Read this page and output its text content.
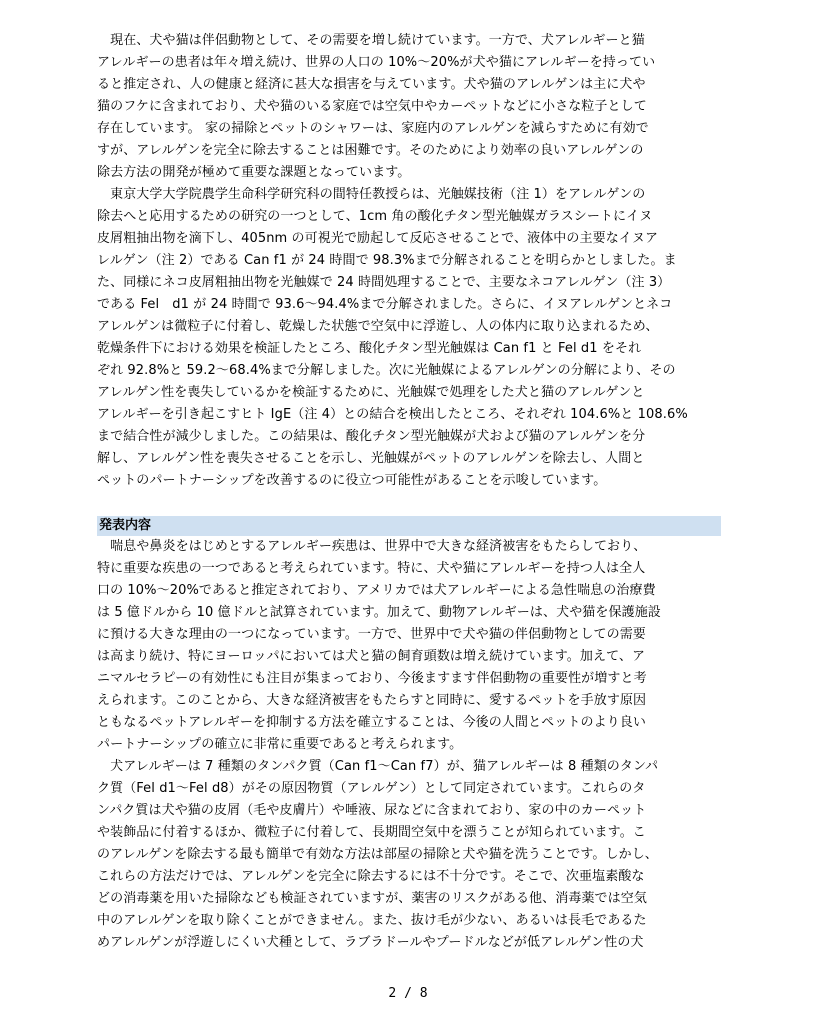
　現在、犬や猫は伴侶動物として、その需要を増し続けています。一方で、犬アレルギーと猫
アレルギーの患者は年々増え続け、世界の人口の 10%～20%が犬や猫にアレルギーを持ってい
ると推定され、人の健康と経済に甚大な損害を与えています。犬や猫のアレルゲンは主に犬や
猫のフケに含まれており、犬や猫のいる家庭では空気中やカーペットなどに小さな粒子として
存在しています。 家の掃除とペットのシャワーは、家庭内のアレルゲンを減らすために有効で
すが、アレルゲンを完全に除去することは困難です。そのためにより効率の良いアレルゲンの
除去方法の開発が極めて重要な課題となっています。
　東京大学大学院農学生命科学研究科の間特任教授らは、光触媒技術（注 1）をアレルゲンの
除去へと応用するための研究の一つとして、1cm 角の酸化チタン型光触媒ガラスシートにイヌ
皮屑粗抽出物を滴下し、405nm の可視光で励起して反応させることで、液体中の主要なイヌア
レルゲン（注 2）である Can f1 が 24 時間で 98.3%まで分解されることを明らかとしました。ま
た、同様にネコ皮屑粗抽出物を光触媒で 24 時間処理することで、主要なネコアレルゲン（注 3）
である Fel　d1 が 24 時間で 93.6～94.4%まで分解されました。さらに、イヌアレルゲンとネコ
アレルゲンは微粒子に付着し、乾燥した状態で空気中に浮遊し、人の体内に取り込まれるため、
乾燥条件下における効果を検証したところ、酸化チタン型光触媒は Can f1 と Fel d1 をそれ
ぞれ 92.8%と 59.2～68.4%まで分解しました。次に光触媒によるアレルゲンの分解により、その
アレルゲン性を喪失しているかを検証するために、光触媒で処理をした犬と猫のアレルゲンと
アレルギーを引き起こすヒト IgE（注 4）との結合を検出したところ、それぞれ 104.6%と 108.6%
まで結合性が減少しました。この結果は、酸化チタン型光触媒が犬および猫のアレルゲンを分
解し、アレルゲン性を喪失させることを示し、光触媒がペットのアレルゲンを除去し、人間と
ペットのパートナーシップを改善するのに役立つ可能性があることを示唆しています。
発表内容
　喘息や鼻炎をはじめとするアレルギー疾患は、世界中で大きな経済被害をもたらしており、
特に重要な疾患の一つであると考えられています。特に、犬や猫にアレルギーを持つ人は全人
口の 10%～20%であると推定されており、アメリカでは犬アレルギーによる急性喘息の治療費
は 5 億ドルから 10 億ドルと試算されています。加えて、動物アレルギーは、犬や猫を保護施設
に預ける大きな理由の一つになっています。一方で、世界中で犬や猫の伴侶動物としての需要
は高まり続け、特にヨーロッパにおいては犬と猫の飼育頭数は増え続けています。加えて、ア
ニマルセラピーの有効性にも注目が集まっており、今後ますます伴侶動物の重要性が増すと考
えられます。このことから、大きな経済被害をもたらすと同時に、愛するペットを手放す原因
ともなるペットアレルギーを抑制する方法を確立することは、今後の人間とペットのより良い
パートナーシップの確立に非常に重要であると考えられます。
　犬アレルギーは 7 種類のタンパク質（Can f1～Can f7）が、猫アレルギーは 8 種類のタンパ
ク質（Fel d1～Fel d8）がその原因物質（アレルゲン）として同定されています。これらのタ
ンパク質は犬や猫の皮屑（毛や皮膚片）や唾液、尿などに含まれており、家の中のカーペット
や装飾品に付着するほか、微粒子に付着して、長期間空気中を漂うことが知られています。こ
のアレルゲンを除去する最も簡単で有効な方法は部屋の掃除と犬や猫を洗うことです。しかし、
これらの方法だけでは、アレルゲンを完全に除去するには不十分です。そこで、次亜塩素酸な
どの消毒薬を用いた掃除なども検証されていますが、薬害のリスクがある他、消毒薬では空気
中のアレルゲンを取り除くことができません。また、抜け毛が少ない、あるいは長毛であるた
めアレルゲンが浮遊しにくい犬種として、ラブラドールやプードルなどが低アレルゲン性の犬
2 / 8
